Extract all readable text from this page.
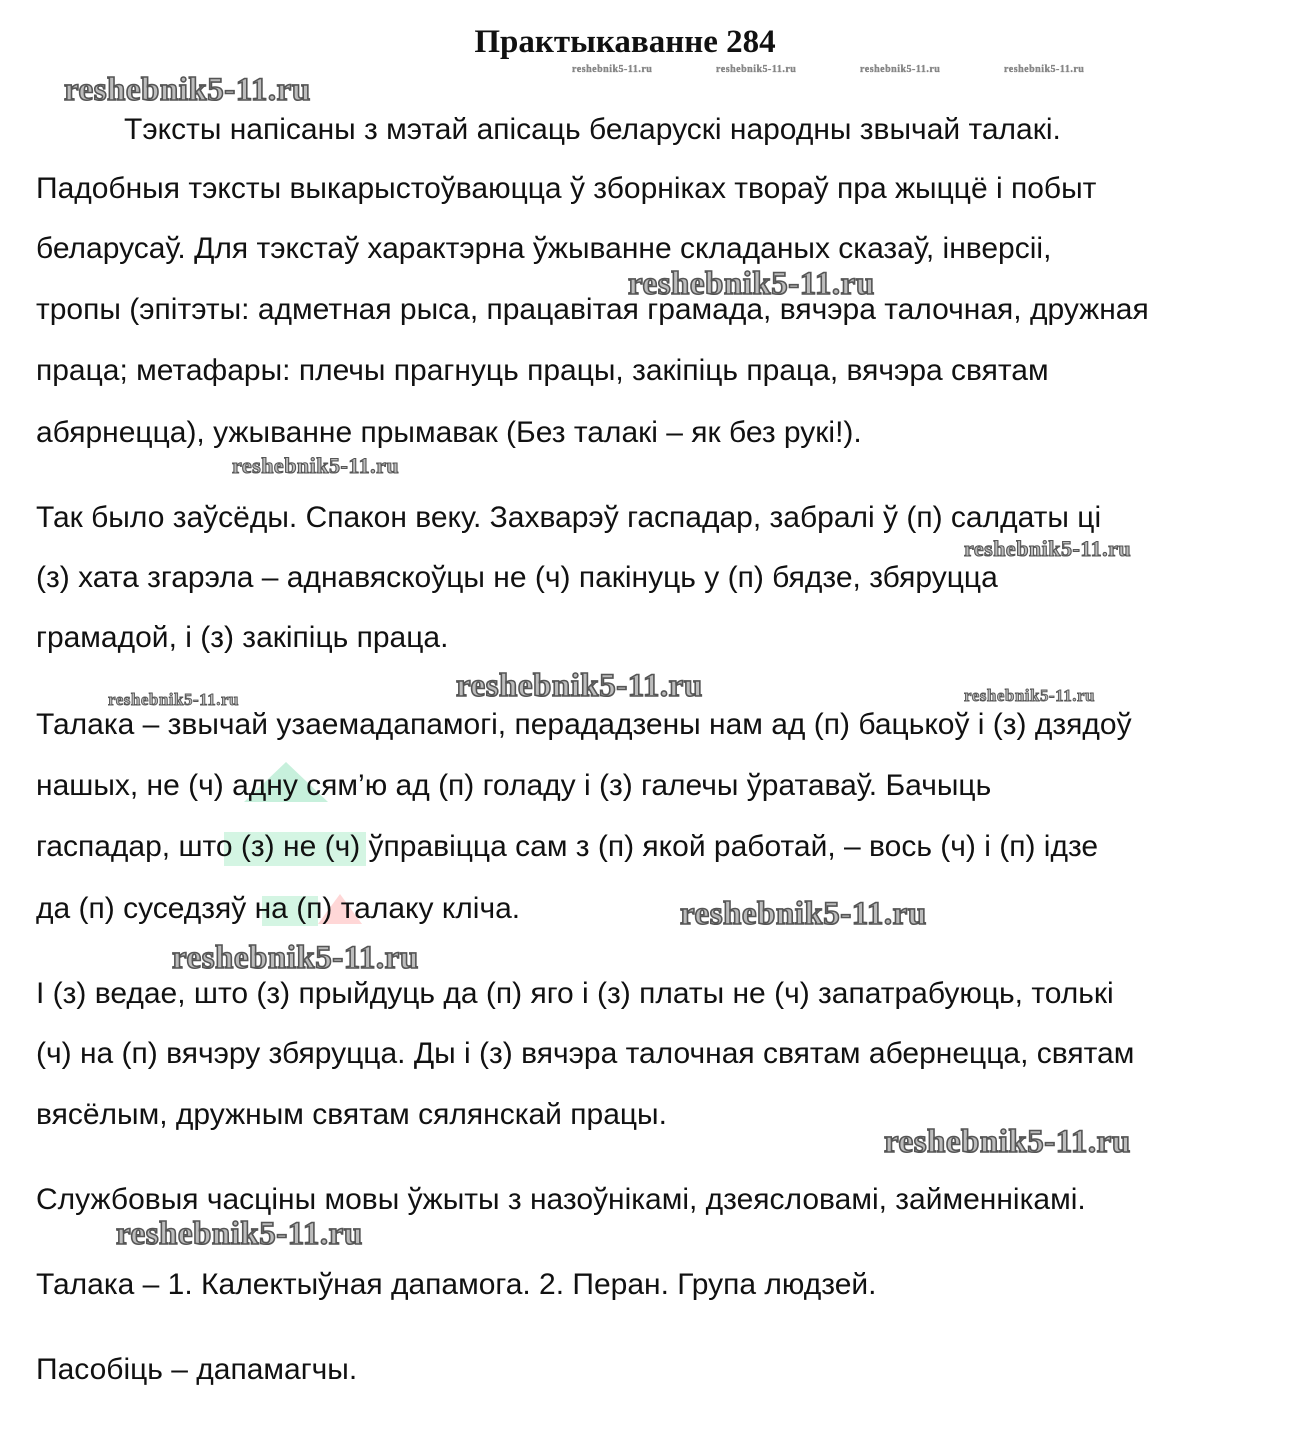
Практыкаванне 284

Тэксты напісаны з мэтай апісаць беларускі народны звычай талакі.

Падобныя тэксты выкарыстоўваюцца ў зборніках твораў пра жыццё і побыт

беларусаў. Для тэкстаў характэрна ўжыванне складаных сказаў, інверсіі,

тропы (эпітэты: адметная рыса, працавітая грамада, вячэра талочная, дружная

праца; метафары: плечы прагнуць працы, закіпіць праца, вячэра святам

абярнецца), ужыванне прымавак (Без талакі – як без рукі!).

Так было заўсёды. Спакон веку. Захварэў гаспадар, забралі ў (п) салдаты ці

(з) хата згарэла – аднавяскоўцы не (ч) пакінуць у (п) бядзе, збяруцца

грамадой, і (з) закіпіць праца.

Талака – звычай узаемадапамогі, перададзены нам ад (п) бацькоў і (з) дзядоў

нашых, не (ч) адну сям’ю ад (п) голаду і (з) галечы ўратаваў. Бачыць

гаспадар, што (з) не (ч) ўправіцца сам з (п) якой работай, – вось (ч) і (п) ідзе

да (п) суседзяў на (п) талаку кліча.

І (з) ведае, што (з) прыйдуць да (п) яго і (з) платы не (ч) запатрабуюць, толькі

(ч) на (п) вячэру збяруцца. Ды і (з) вячэра талочная святам абернецца, святам

вясёлым, дружным святам сялянскай працы.

Службовыя часціны мовы ўжыты з назоўнікамі, дзеясловамі, займеннікамі.

Талака – 1. Калектыўная дапамога. 2. Перан. Група людзей.

Пасобіць – дапамагчы.

reshebnik5-11.ru
reshebnik5-11.ru	reshebnik5-11.ru	reshebnik5-11.ru	reshebnik5-11.ru
reshebnik5-11.ru
reshebnik5-11.ru
reshebnik5-11.ru
reshebnik5-11.ru	reshebnik5-11.ru	reshebnik5-11.ru
reshebnik5-11.ru
reshebnik5-11.ru
reshebnik5-11.ru
reshebnik5-11.ru
